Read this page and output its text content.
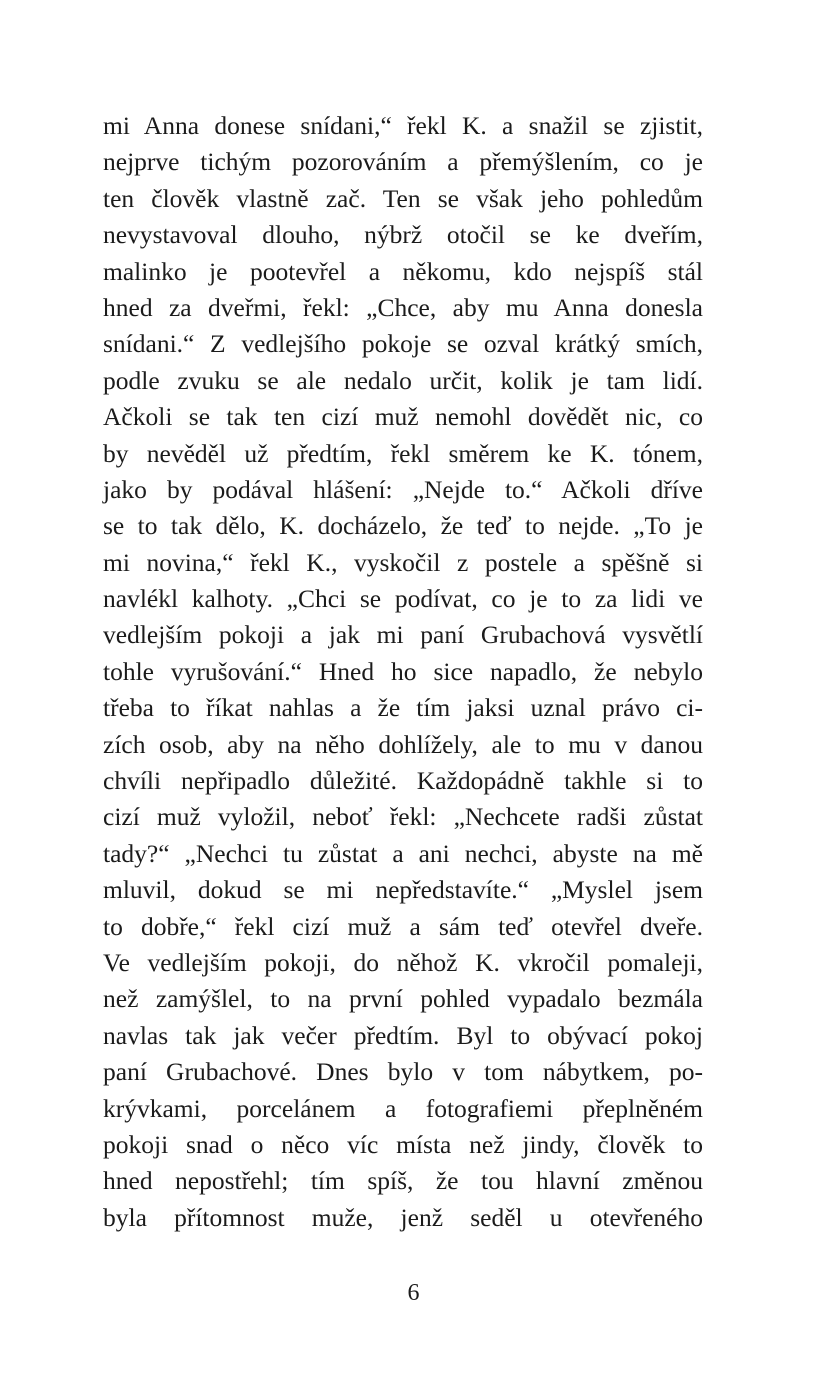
mi Anna donese snídani,“ řekl K. a snažil se zjistit,
nejprve tichým pozorováním a přemýšlením, co je
ten člověk vlastně zač. Ten se však jeho pohledům
nevystavoval dlouho, nýbrž otočil se ke dveřím,
malinko je pootevřel a někomu, kdo nejspíš stál
hned za dveřmi, řekl: „Chce, aby mu Anna donesla
snídani.“ Z vedlejšího pokoje se ozval krátký smích,
podle zvuku se ale nedalo určit, kolik je tam lidí.
Ačkoli se tak ten cizí muž nemohl dovědět nic, co
by nevěděl už předtím, řekl směrem ke K. tónem,
jako by podával hlášení: „Nejde to.“ Ačkoli dříve
se to tak dělo, K. docházelo, že teď to nejde. „To je
mi novina,“ řekl K., vyskočil z postele a spěšně si
navlékl kalhoty. „Chci se podívat, co je to za lidi ve
vedlejším pokoji a jak mi paní Grubachová vysvětlí
tohle vyrušování.“ Hned ho sice napadlo, že nebylo
třeba to říkat nahlas a že tím jaksi uznal právo ci-
zích osob, aby na něho dohlížely, ale to mu v danou
chvíli nepřipadlo důležité. Každopádně takhle si to
cizí muž vyložil, neboť řekl: „Nechcete radši zůstat
tady?“ „Nechci tu zůstat a ani nechci, abyste na mě
mluvil, dokud se mi nepředstavíte.“ „Myslel jsem
to dobře,“ řekl cizí muž a sám teď otevřel dveře.
Ve vedlejším pokoji, do něhož K. vkročil pomaleji,
než zamýšlel, to na první pohled vypadalo bezmála
navlas tak jak večer předtím. Byl to obývací pokoj
paní Grubachové. Dnes bylo v tom nábytkem, po-
krývkami, porcelánem a fotografiemi přeplněném
pokoji snad o něco víc místa než jindy, člověk to
hned nepostřehl; tím spíš, že tou hlavní změnou
byla přítomnost muže, jenž seděl u otevřeného
6
